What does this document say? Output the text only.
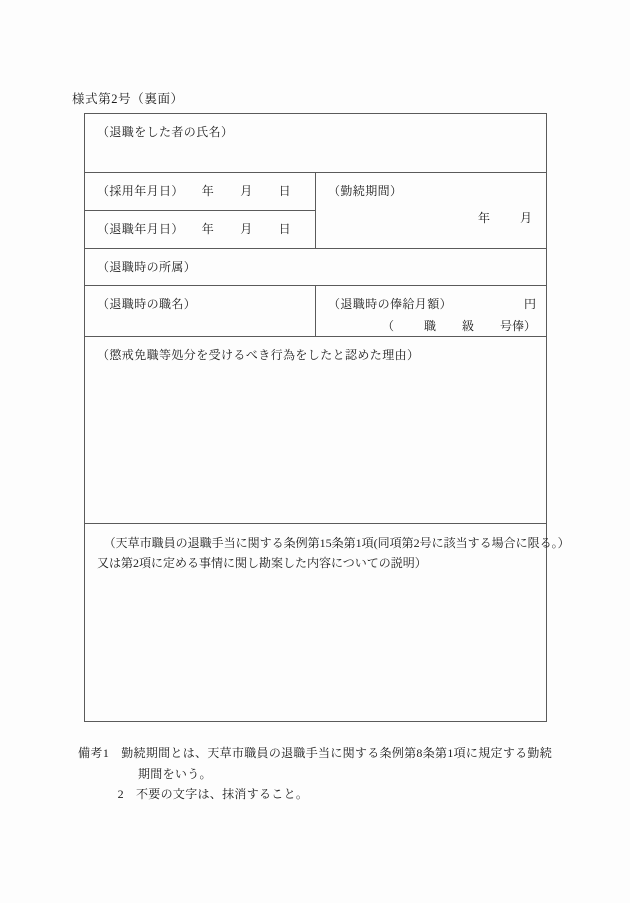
様式第2号（裏面）
（退職をした者の氏名）	

（採用年月日） 年 月 日	（勤続期間）
年	月

（退職年月日） 年 月 日	

（退職時の所属）	

（退職時の職名）	（退職時の俸給月額）	円
（	職 級 号俸）

（懲戒免職等処分を受けるべき行為をしたと認めた理由）	

（天草市職員の退職手当に関する条例第15条第1項(同項第2号に該当する場合に限る。）
又は第2項に定める事情に関し勘案した内容についての説明）	
備考 1	勤続期間とは、天草市職員の退職手当に関する条例第8条第1項に規定する勤続
期間をいう。
2	不要の文字は、抹消すること。
